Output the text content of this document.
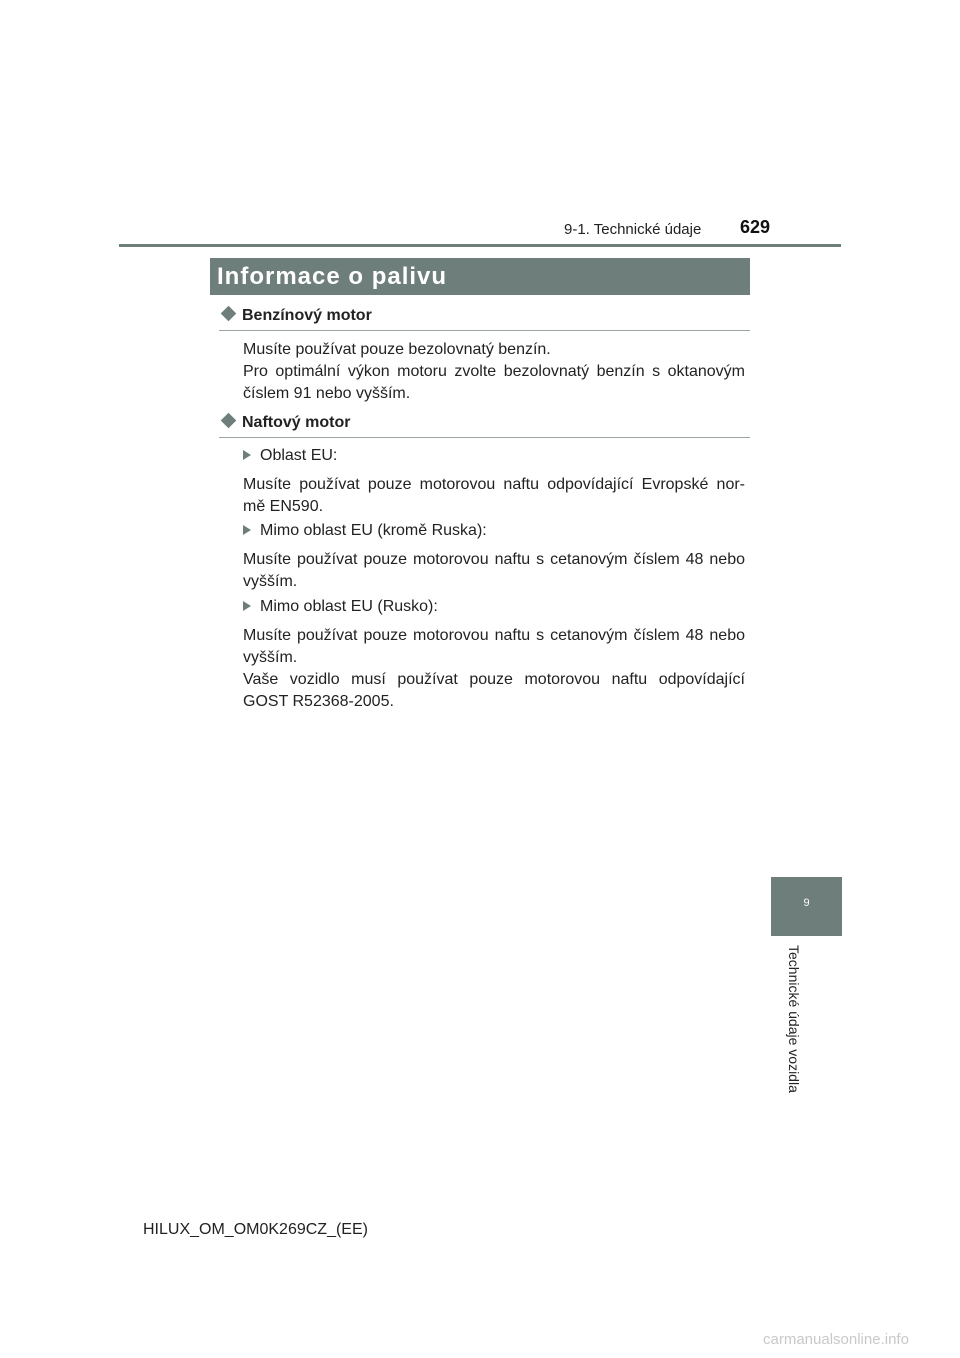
9-1. Technické údaje 629
Informace o palivu
Benzínový motor

Musíte používat pouze bezolovnatý benzín.

Pro optimální výkon motoru zvolte bezolovnatý benzín s oktanovým číslem 91 nebo vyšším.

Naftový motor
Oblast EU:

Musíte používat pouze motorovou naftu odpovídající Evropské nor- mě EN590.

Mimo oblast EU (kromě Ruska):

Musíte používat pouze motorovou naftu s cetanovým číslem 48 nebo vyšším.

Mimo oblast EU (Rusko):

Musíte používat pouze motorovou naftu s cetanovým číslem 48 nebo vyšším.

Vaše vozidlo musí používat pouze motorovou naftu odpovídající GOST R52368-2005.

9
Technické údaje vozidla
HILUX_OM_OM0K269CZ_(EE)
carmanualsonline.info
